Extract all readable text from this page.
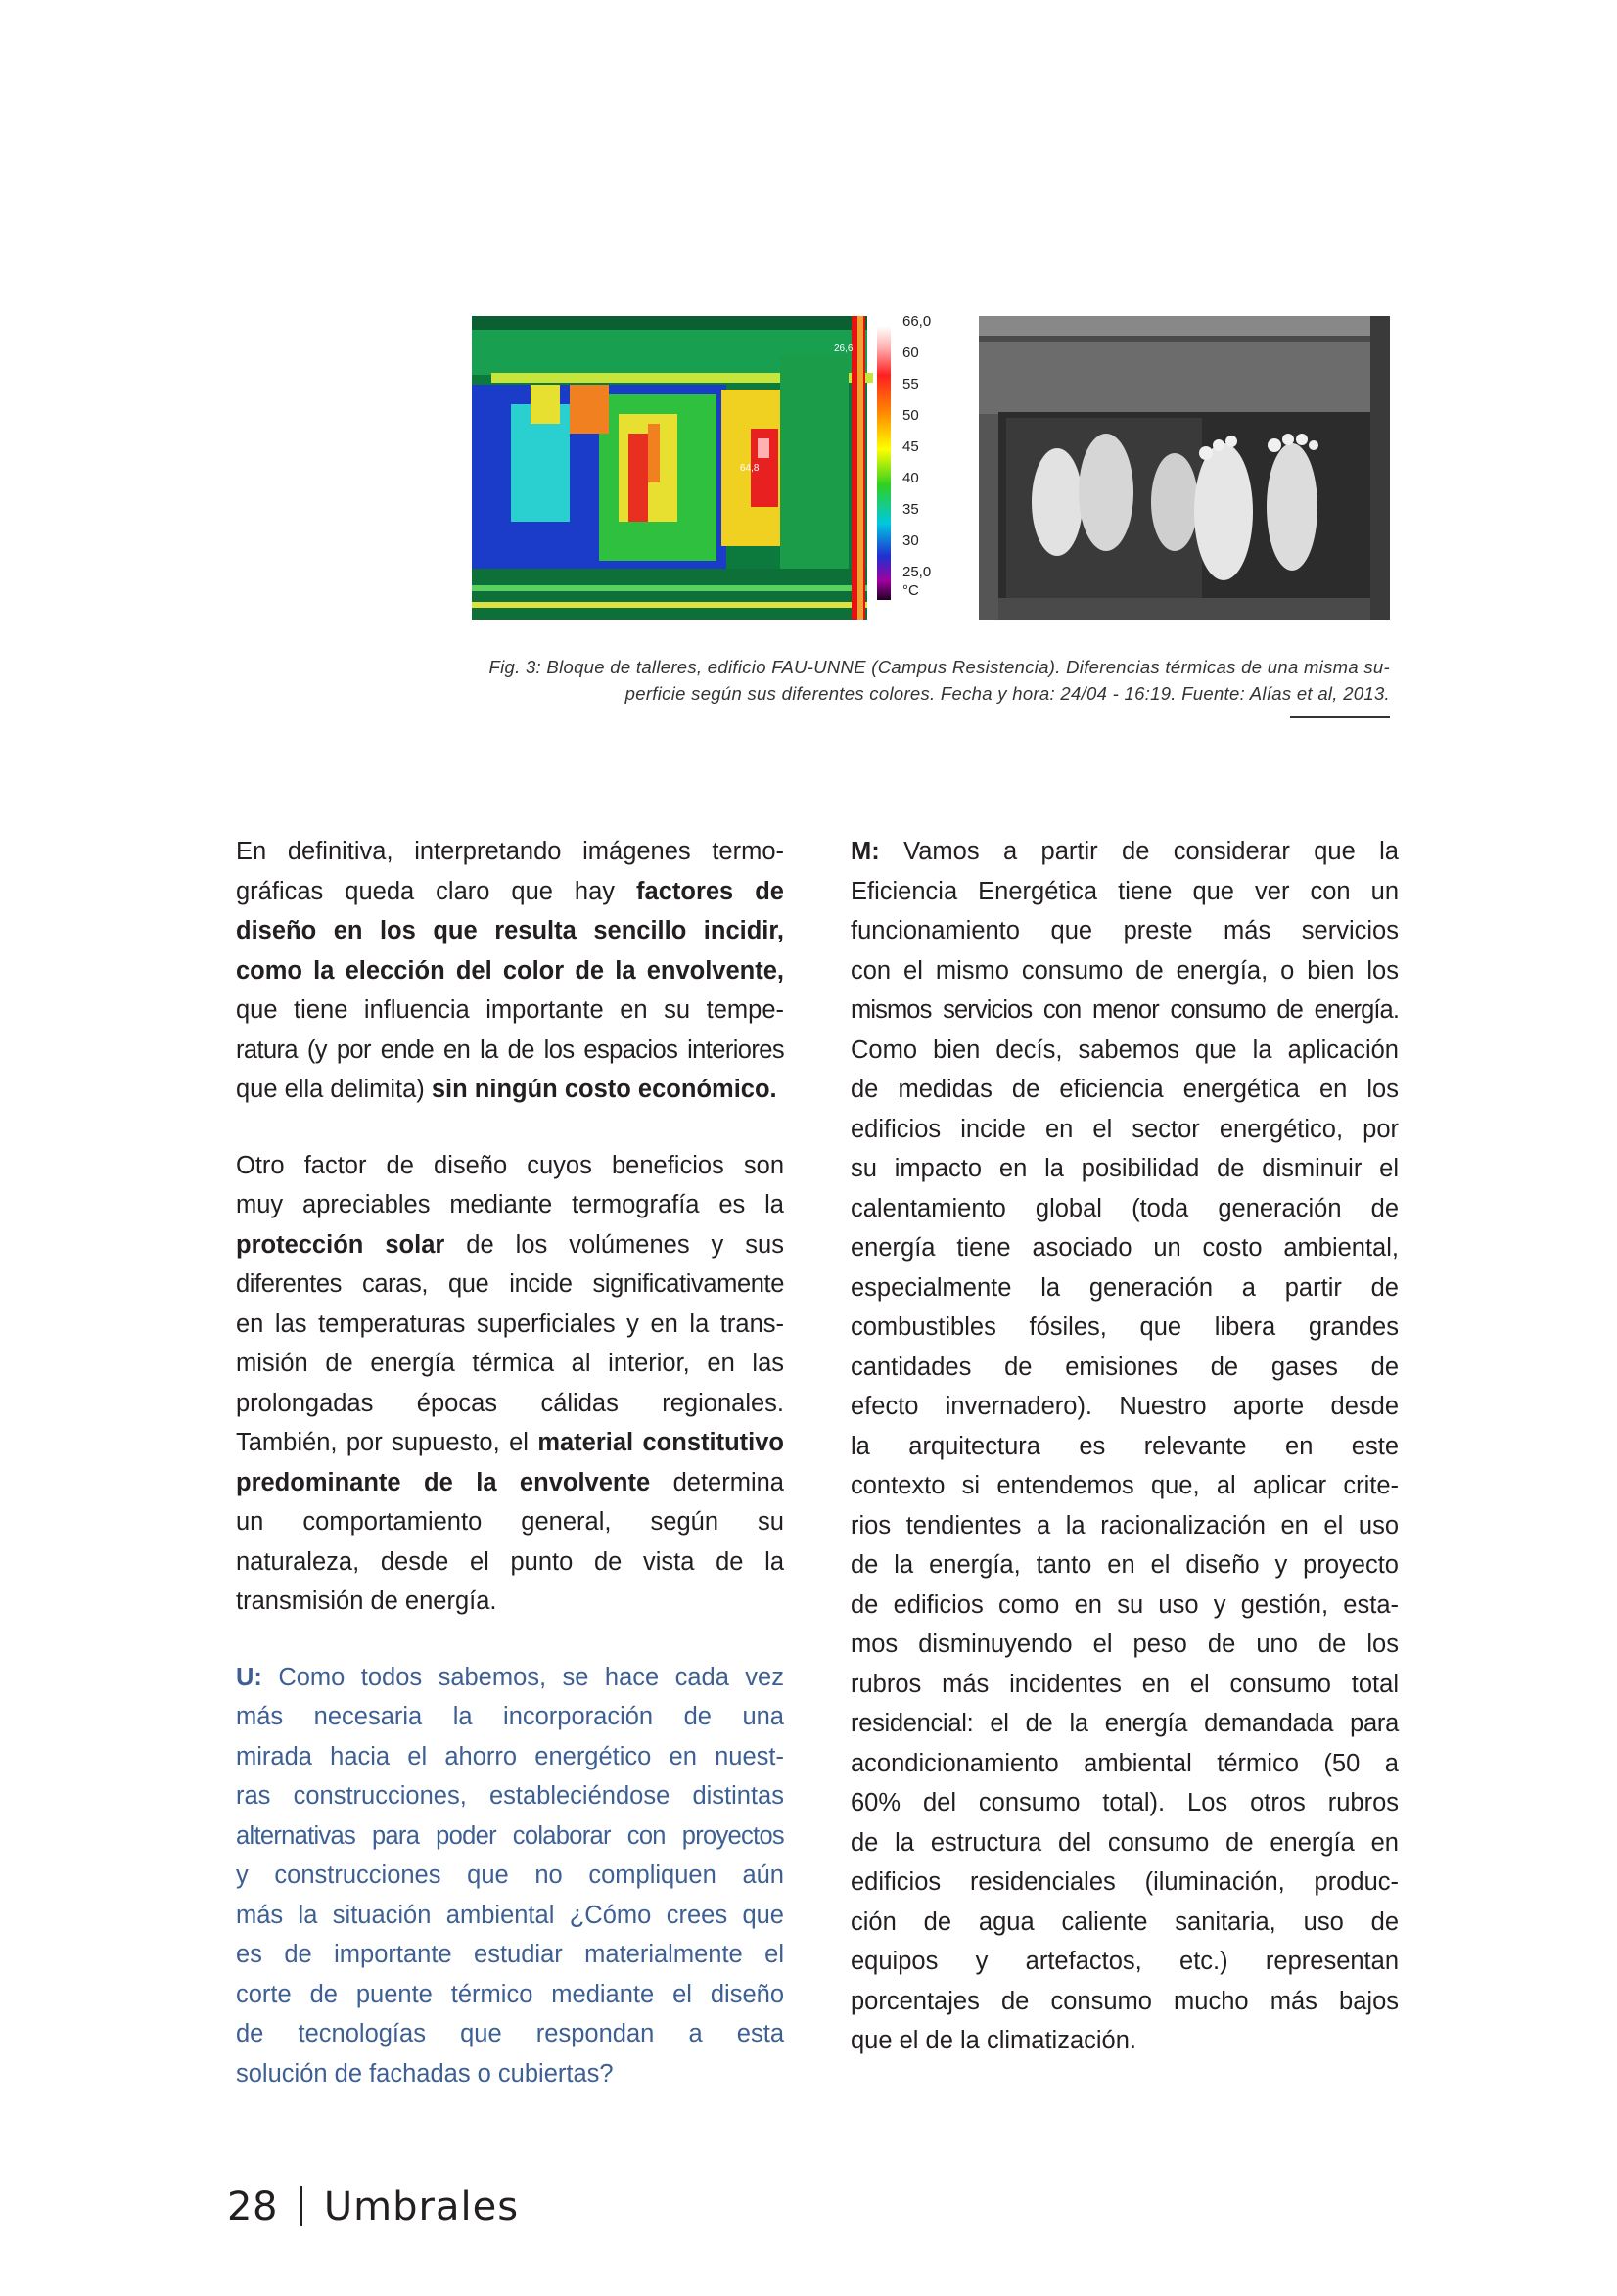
26,6
64,8
66,0
60
55
50
45
40
35
30
25,0
°C
Fig. 3: Bloque de talleres, edificio FAU-UNNE (Campus Resistencia). Diferencias térmicas de una misma su-
perficie según sus diferentes colores. Fecha y hora: 24/04 - 16:19. Fuente: Alías et al, 2013.

En definitiva, interpretando imágenes termo-
gráficas queda claro que hay factores de
diseño en los que resulta sencillo incidir,
como la elección del color de la envolvente,
que tiene influencia importante en su tempe-
ratura (y por ende en la de los espacios interiores
que ella delimita) sin ningún costo económico.

Otro factor de diseño cuyos beneficios son
muy apreciables mediante termografía es la
protección solar de los volúmenes y sus
diferentes caras, que incide significativamente
en las temperaturas superficiales y en la trans-
misión de energía térmica al interior, en las
prolongadas épocas cálidas regionales.
También, por supuesto, el material constitutivo
predominante de la envolvente determina
un comportamiento general, según su
naturaleza, desde el punto de vista de la
transmisión de energía.

U: Como todos sabemos, se hace cada vez
más necesaria la incorporación de una
mirada hacia el ahorro energético en nuest-
ras construcciones, estableciéndose distintas
alternativas para poder colaborar con proyectos
y construcciones que no compliquen aún
más la situación ambiental ¿Cómo crees que
es de importante estudiar materialmente el
corte de puente térmico mediante el diseño
de tecnologías que respondan a esta
solución de fachadas o cubiertas?

M: Vamos a partir de considerar que la
Eficiencia Energética tiene que ver con un
funcionamiento que preste más servicios
con el mismo consumo de energía, o bien los
mismos servicios con menor consumo de energía.
Como bien decís, sabemos que la aplicación
de medidas de eficiencia energética en los
edificios incide en el sector energético, por
su impacto en la posibilidad de disminuir el
calentamiento global (toda generación de
energía tiene asociado un costo ambiental,
especialmente la generación a partir de
combustibles fósiles, que libera grandes
cantidades de emisiones de gases de
efecto invernadero). Nuestro aporte desde
la arquitectura es relevante en este
contexto si entendemos que, al aplicar crite-
rios tendientes a la racionalización en el uso
de la energía, tanto en el diseño y proyecto
de edificios como en su uso y gestión, esta-
mos disminuyendo el peso de uno de los
rubros más incidentes en el consumo total
residencial: el de la energía demandada para
acondicionamiento ambiental térmico (50 a
60% del consumo total). Los otros rubros
de la estructura del consumo de energía en
edificios residenciales (iluminación, produc-
ción de agua caliente sanitaria, uso de
equipos y artefactos, etc.) representan
porcentajes de consumo mucho más bajos
que el de la climatización.

28 Umbrales
